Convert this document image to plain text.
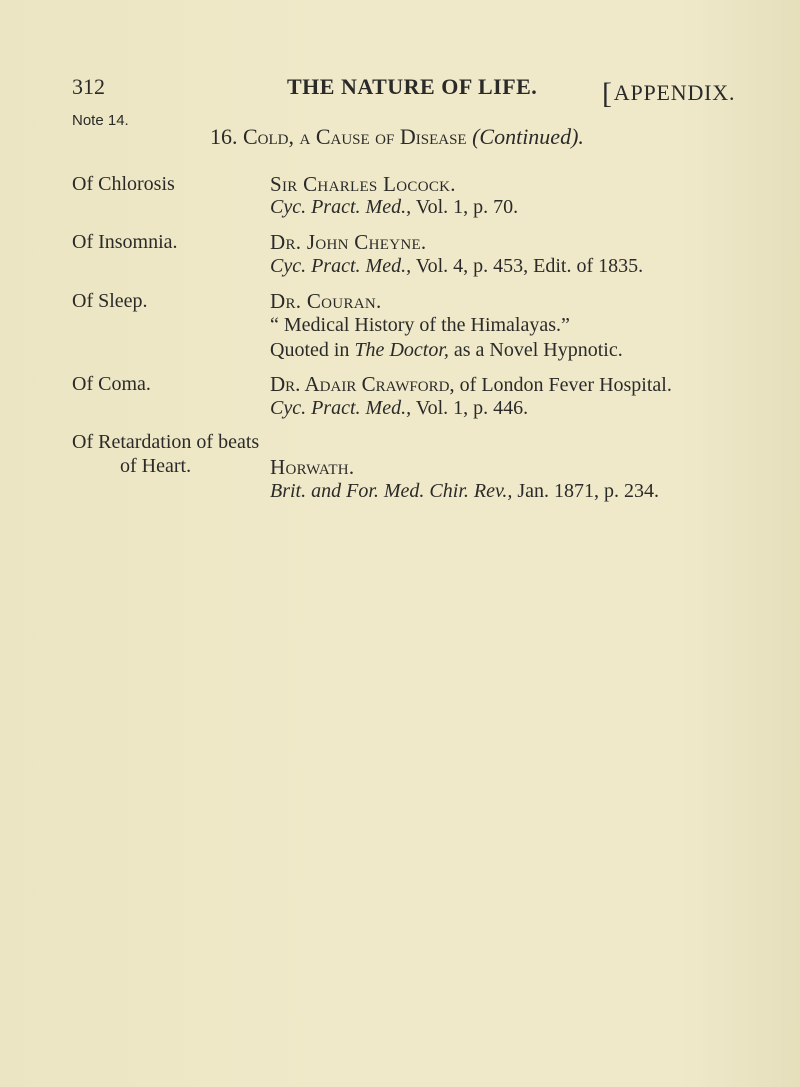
312	THE NATURE OF LIFE. [APPENDIX.
Note 14.
16. Cold, a Cause of Disease (Continued).
Of Chlorosis	Sir Charles Locock.
Cyc. Pract. Med., Vol. 1, p. 70.
Of Insomnia.	Dr. John Cheyne.
Cyc. Pract. Med., Vol. 4, p. 453, Edit. of 1835.
Of Sleep.	Dr. Couran.
“ Medical History of the Himalayas.”
Quoted in The Doctor, as a Novel Hypnotic.
Of Coma.	Dr. Adair Crawford, of London Fever Hospital.
Cyc. Pract. Med., Vol. 1, p. 446.
Of Retardation of beats
of Heart.	Horwath.
Brit. and For. Med. Chir. Rev., Jan. 1871, p. 234.
